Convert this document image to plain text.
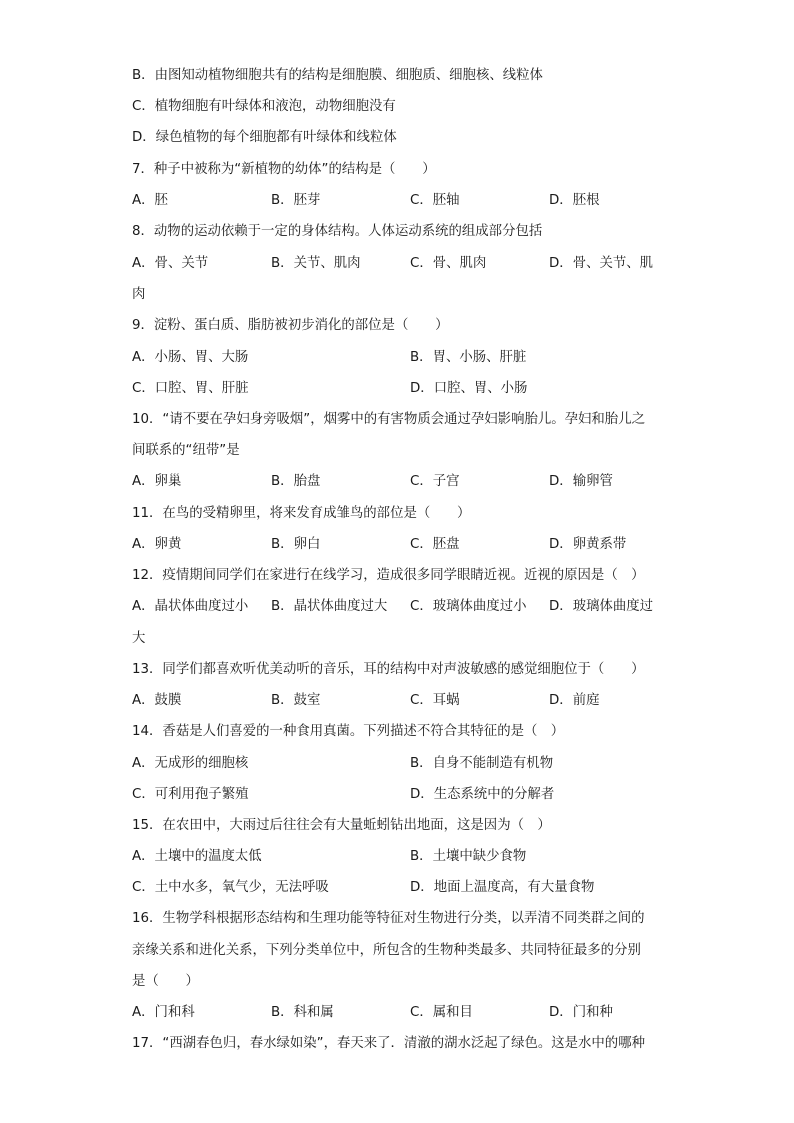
B．由图知动植物细胞共有的结构是细胞膜、细胞质、细胞核、线粒体
C．植物细胞有叶绿体和液泡，动物细胞没有
D．绿色植物的每个细胞都有叶绿体和线粒体
7．种子中被称为“新植物的幼体”的结构是（　　）
A．胚	B．胚芽	C．胚轴	D．胚根
8．动物的运动依赖于一定的身体结构。人体运动系统的组成部分包括
A．骨、关节	B．关节、肌肉	C．骨、肌肉	D．骨、关节、肌
肉
9．淀粉、蛋白质、脂肪被初步消化的部位是（　　）
A．小肠、胃、大肠	B．胃、小肠、肝脏
C．口腔、胃、肝脏	D．口腔、胃、小肠
10．“请不要在孕妇身旁吸烟”，烟雾中的有害物质会通过孕妇影响胎儿。孕妇和胎儿之
间联系的“纽带”是
A．卵巢	B．胎盘	C．子宫	D．输卵管
11．在鸟的受精卵里，将来发育成雏鸟的部位是（　　）
A．卵黄	B．卵白	C．胚盘	D．卵黄系带
12．疫情期间同学们在家进行在线学习，造成很多同学眼睛近视。近视的原因是（　）
A．晶状体曲度过小 B．晶状体曲度过大 C．玻璃体曲度过小 D．玻璃体曲度过
大
13．同学们都喜欢听优美动听的音乐，耳的结构中对声波敏感的感觉细胞位于（　　）
A．鼓膜	B．鼓室	C．耳蜗	D．前庭
14．香菇是人们喜爱的一种食用真菌。下列描述不符合其特征的是（　）
A．无成形的细胞核	B．自身不能制造有机物
C．可利用孢子繁殖	D．生态系统中的分解者
15．在农田中，大雨过后往往会有大量蚯蚓钻出地面，这是因为（　）
A．土壤中的温度太低	B．土壤中缺少食物
C．土中水多，氧气少，无法呼吸	D．地面上温度高，有大量食物
16．生物学科根据形态结构和生理功能等特征对生物进行分类，以弄清不同类群之间的
亲缘关系和进化关系，下列分类单位中，所包含的生物种类最多、共同特征最多的分别
是（　　）
A．门和科	B．科和属	C．属和目	D．门和种
17．“西湖春色归，春水绿如染”，春天来了．清澈的湖水泛起了绿色。这是水中的哪种
